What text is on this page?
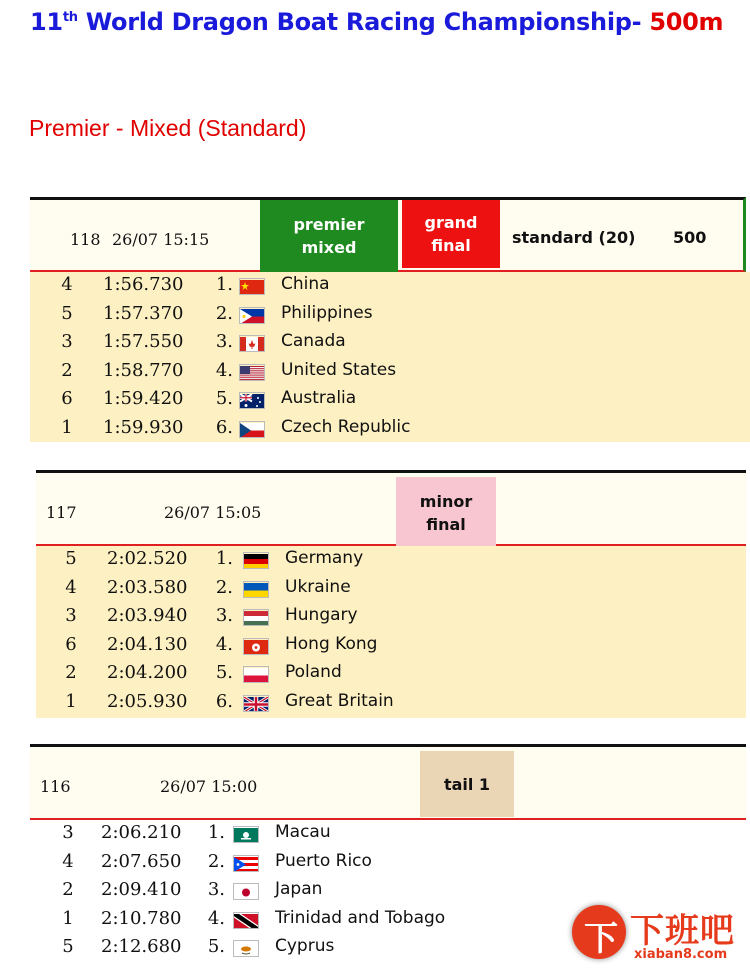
11th World Dragon Boat Racing Championship- 500m
Premier - Mixed (Standard)
118 26/07 15:15
premier
mixed
grand
final	standard (20) 500
4 1:56.730	1.	China
5 1:57.370	2.	Philippines
3 1:57.550	3.	Canada
2 1:58.770	4.	United States
6 1:59.420	5.	Australia
1 1:59.930	6.	Czech Republic
117	26/07 15:05
minor
final
5 2:02.520	1.	Germany
4 2:03.580	2.	Ukraine
3 2:03.940	3.	Hungary
6 2:04.130	4.	Hong Kong
2 2:04.200	5.	Poland
1 2:05.930	6.	Great Britain
116	26/07 15:00	tail 1
3 2:06.210	1.	Macau
4 2:07.650	2.	Puerto Rico
2 2:09.410	3.	Japan
1 2:10.780	4.	Trinidad and Tobago
5 2:12.680	5.	Cyprus	下 下班吧
xiaban8.com
